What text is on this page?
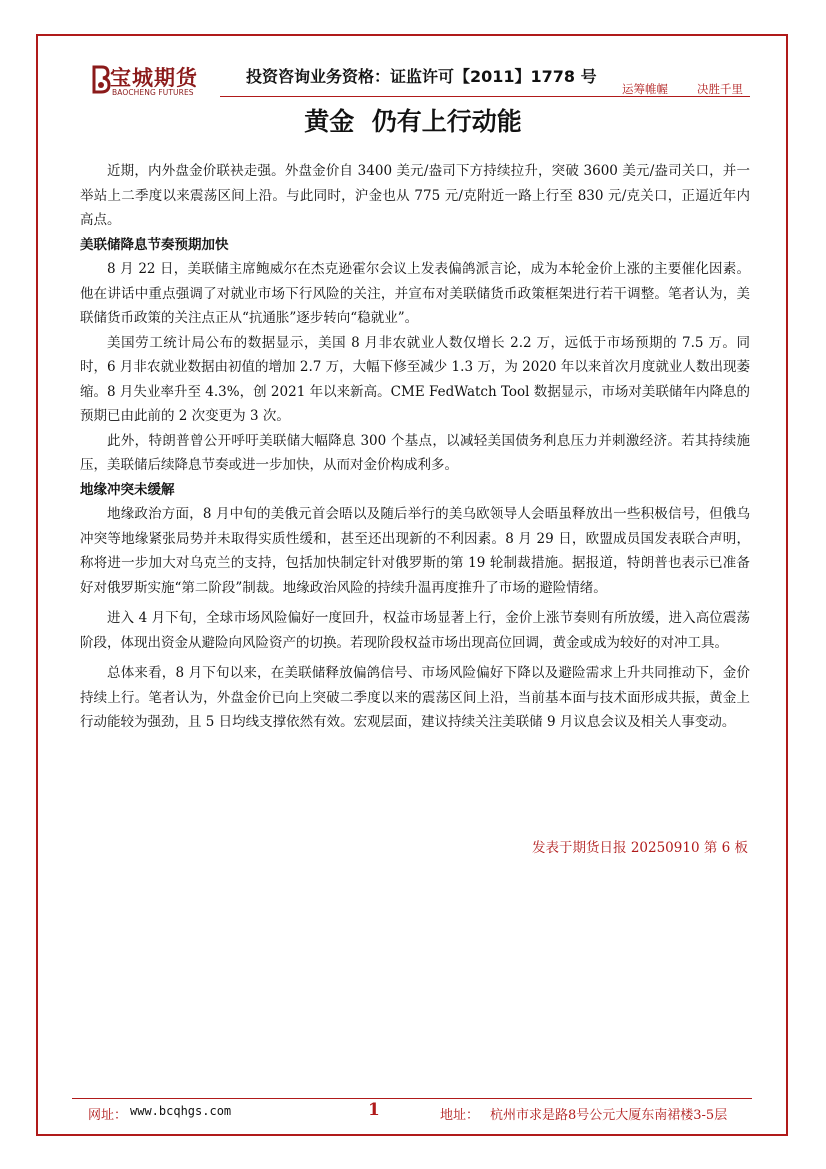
宝城期货
BAOCHENG FUTURES
投资咨询业务资格：证监许可【2011】1778 号
运筹帷幄	决胜千里
黄金  仍有上行动能

近期，内外盘金价联袂走强。外盘金价自 3400 美元/盎司下方持续拉升，突破 3600 美元/盎司关口，并一举站上二季度以来震荡区间上沿。与此同时，沪金也从 775 元/克附近一路上行至 830 元/克关口，正逼近年内高点。

美联储降息节奏预期加快

8 月 22 日，美联储主席鲍威尔在杰克逊霍尔会议上发表偏鸽派言论，成为本轮金价上涨的主要催化因素。他在讲话中重点强调了对就业市场下行风险的关注，并宣布对美联储货币政策框架进行若干调整。笔者认为，美联储货币政策的关注点正从“抗通胀”逐步转向“稳就业”。

美国劳工统计局公布的数据显示，美国 8 月非农就业人数仅增长 2.2 万，远低于市场预期的 7.5 万。同时，6 月非农就业数据由初值的增加 2.7 万，大幅下修至减少 1.3 万，为 2020 年以来首次月度就业人数出现萎缩。8 月失业率升至 4.3%，创 2021 年以来新高。CME FedWatch Tool 数据显示，市场对美联储年内降息的预期已由此前的 2 次变更为 3 次。

此外，特朗普曾公开呼吁美联储大幅降息 300 个基点，以减轻美国债务利息压力并刺激经济。若其持续施压，美联储后续降息节奏或进一步加快，从而对金价构成利多。

地缘冲突未缓解

地缘政治方面，8 月中旬的美俄元首会晤以及随后举行的美乌欧领导人会晤虽释放出一些积极信号，但俄乌冲突等地缘紧张局势并未取得实质性缓和，甚至还出现新的不利因素。8 月 29 日，欧盟成员国发表联合声明，称将进一步加大对乌克兰的支持，包括加快制定针对俄罗斯的第 19 轮制裁措施。据报道，特朗普也表示已准备好对俄罗斯实施“第二阶段”制裁。地缘政治风险的持续升温再度推升了市场的避险情绪。

进入 4 月下旬，全球市场风险偏好一度回升，权益市场显著上行，金价上涨节奏则有所放缓，进入高位震荡阶段，体现出资金从避险向风险资产的切换。若现阶段权益市场出现高位回调，黄金或成为较好的对冲工具。

总体来看，8 月下旬以来，在美联储释放偏鸽信号、市场风险偏好下降以及避险需求上升共同推动下，金价持续上行。笔者认为，外盘金价已向上突破二季度以来的震荡区间上沿，当前基本面与技术面形成共振，黄金上行动能较为强劲，且 5 日均线支撑依然有效。宏观层面，建议持续关注美联储 9 月议息会议及相关人事变动。

发表于期货日报 20250910 第 6 板
网址： www.bcqhgs.com	1	地址： 杭州市求是路8号公元大厦东南裙楼3-5层
